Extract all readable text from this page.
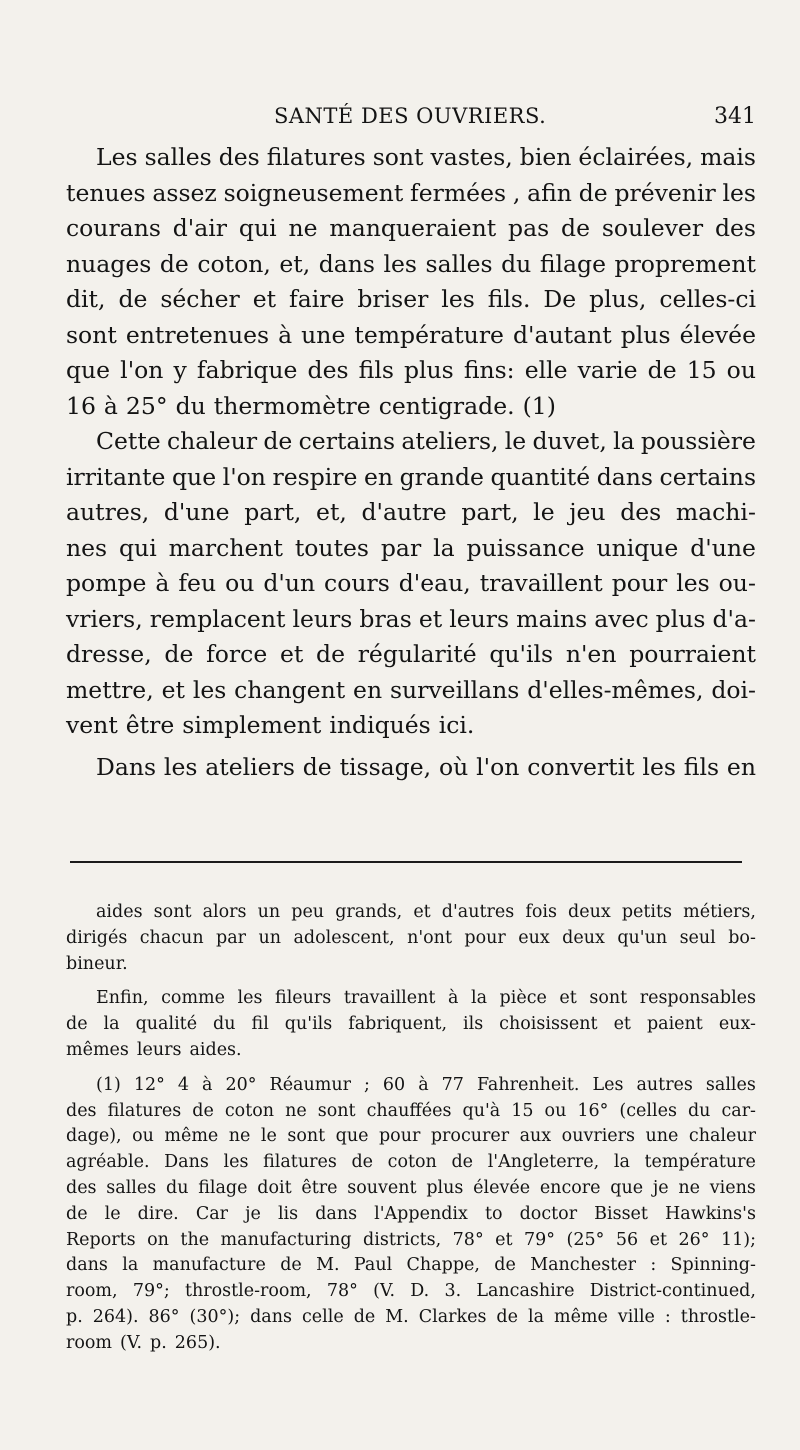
SANTÉ DES OUVRIERS.	341
Les salles des filatures sont vastes, bien éclairées, mais
tenues assez soigneusement fermées , afin de prévenir les
courans d'air qui ne manqueraient pas de soulever des
nuages de coton, et, dans les salles du filage proprement
dit, de sécher et faire briser les fils. De plus, celles-ci
sont entretenues à une température d'autant plus élevée
que l'on y fabrique des fils plus fins: elle varie de 15 ou
16 à 25° du thermomètre centigrade. (1)
Cette chaleur de certains ateliers, le duvet, la poussière
irritante que l'on respire en grande quantité dans certains
autres, d'une part, et, d'autre part, le jeu des machi-
nes qui marchent toutes par la puissance unique d'une
pompe à feu ou d'un cours d'eau, travaillent pour les ou-
vriers, remplacent leurs bras et leurs mains avec plus d'a-
dresse, de force et de régularité qu'ils n'en pourraient
mettre, et les changent en surveillans d'elles-mêmes, doi-
vent être simplement indiqués ici.
Dans les ateliers de tissage, où l'on convertit les fils en
aides sont alors un peu grands, et d'autres fois deux petits métiers,
dirigés chacun par un adolescent, n'ont pour eux deux qu'un seul bo-
bineur.
Enfin, comme les fileurs travaillent à la pièce et sont responsables
de la qualité du fil qu'ils fabriquent, ils choisissent et paient eux-
mêmes leurs aides.
(1) 12° 4 à 20° Réaumur ; 60 à 77 Fahrenheit. Les autres salles
des filatures de coton ne sont chauffées qu'à 15 ou 16° (celles du car-
dage), ou même ne le sont que pour procurer aux ouvriers une chaleur
agréable. Dans les filatures de coton de l'Angleterre, la température
des salles du filage doit être souvent plus élevée encore que je ne viens
de le dire. Car je lis dans l'Appendix to doctor Bisset Hawkins's
Reports on the manufacturing districts, 78° et 79° (25° 56 et 26° 11);
dans la manufacture de M. Paul Chappe, de Manchester : Spinning-
room, 79°; throstle-room, 78° (V. D. 3. Lancashire District-continued,
p. 264). 86° (30°); dans celle de M. Clarkes de la même ville : throstle-
room (V. p. 265).
